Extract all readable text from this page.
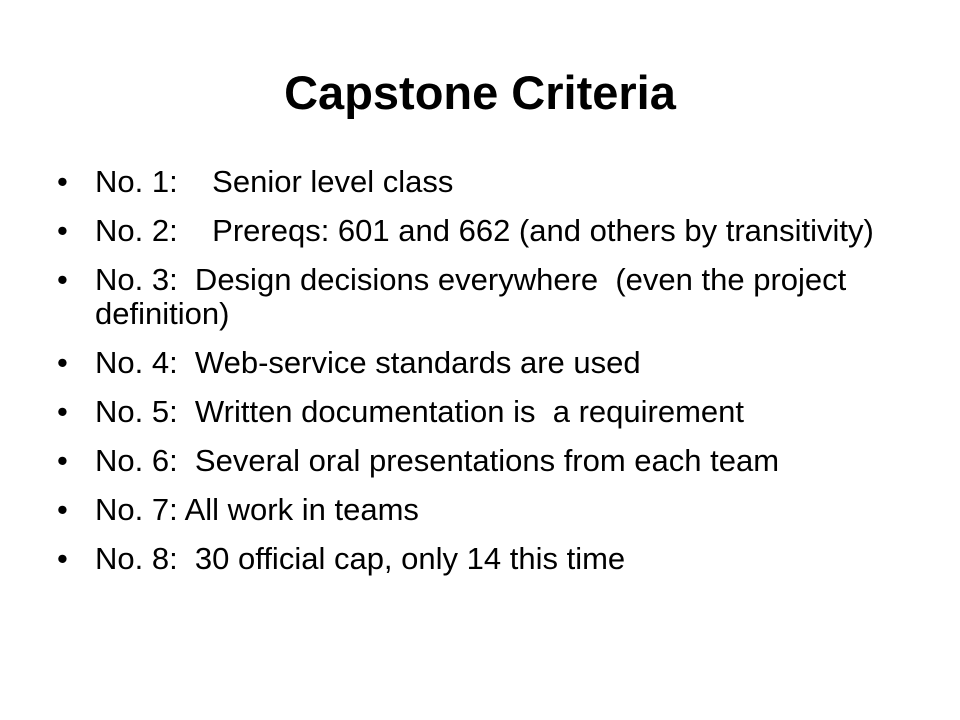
Capstone Criteria
• No. 1:    Senior level class
• No. 2:    Prereqs: 601 and 662 (and others by transitivity)
• No. 3:  Design decisions everywhere  (even the project definition)
• No. 4:  Web-service standards are used
• No. 5:  Written documentation is  a requirement
• No. 6:  Several oral presentations from each team
• No. 7: All work in teams
• No. 8:  30 official cap, only 14 this time
